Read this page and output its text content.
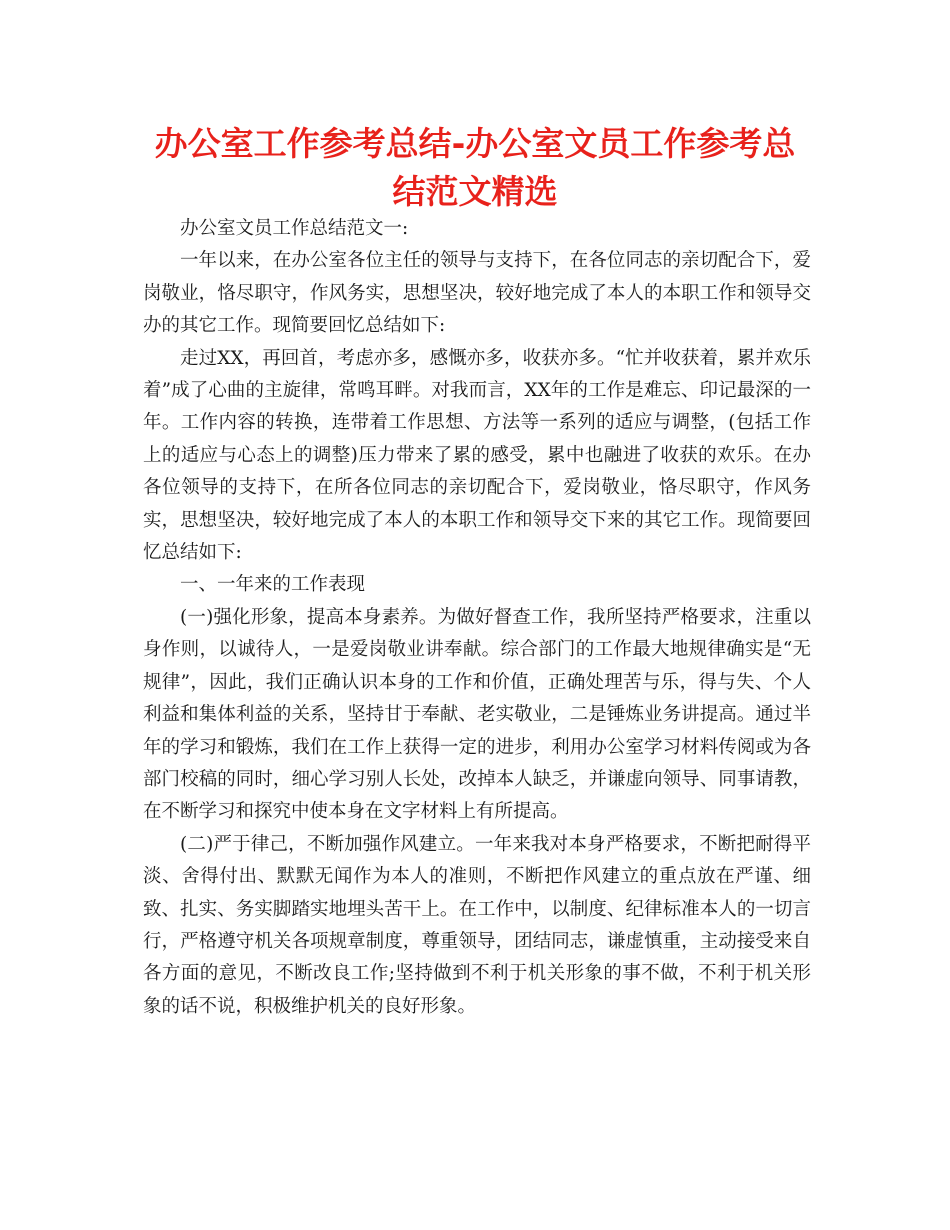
办公室工作参考总结-办公室文员工作参考总结范文精选

办公室文员工作总结范文一:

一年以来，在办公室各位主任的领导与支持下，在各位同志的亲切配合下，爱岗敬业，恪尽职守，作风务实，思想坚决，较好地完成了本人的本职工作和领导交办的其它工作。现简要回忆总结如下:

走过XX，再回首，考虑亦多，感慨亦多，收获亦多。“忙并收获着，累并欢乐着”成了心曲的主旋律，常鸣耳畔。对我而言，XX年的工作是难忘、印记最深的一年。工作内容的转换，连带着工作思想、方法等一系列的适应与调整，(包括工作上的适应与心态上的调整)压力带来了累的感受，累中也融进了收获的欢乐。在办各位领导的支持下，在所各位同志的亲切配合下，爱岗敬业，恪尽职守，作风务实，思想坚决，较好地完成了本人的本职工作和领导交下来的其它工作。现简要回忆总结如下:

一、一年来的工作表现

(一)强化形象，提高本身素养。为做好督查工作，我所坚持严格要求，注重以身作则，以诚待人，一是爱岗敬业讲奉献。综合部门的工作最大地规律确实是“无规律”，因此，我们正确认识本身的工作和价值，正确处理苦与乐，得与失、个人利益和集体利益的关系，坚持甘于奉献、老实敬业，二是锤炼业务讲提高。通过半年的学习和锻炼，我们在工作上获得一定的进步，利用办公室学习材料传阅或为各部门校稿的同时，细心学习别人长处，改掉本人缺乏，并谦虚向领导、同事请教，在不断学习和探究中使本身在文字材料上有所提高。

(二)严于律己，不断加强作风建立。一年来我对本身严格要求，不断把耐得平淡、舍得付出、默默无闻作为本人的准则，不断把作风建立的重点放在严谨、细致、扎实、务实脚踏实地埋头苦干上。在工作中，以制度、纪律标准本人的一切言行，严格遵守机关各项规章制度，尊重领导，团结同志，谦虚慎重，主动接受来自各方面的意见，不断改良工作;坚持做到不利于机关形象的事不做，不利于机关形象的话不说，积极维护机关的良好形象。
